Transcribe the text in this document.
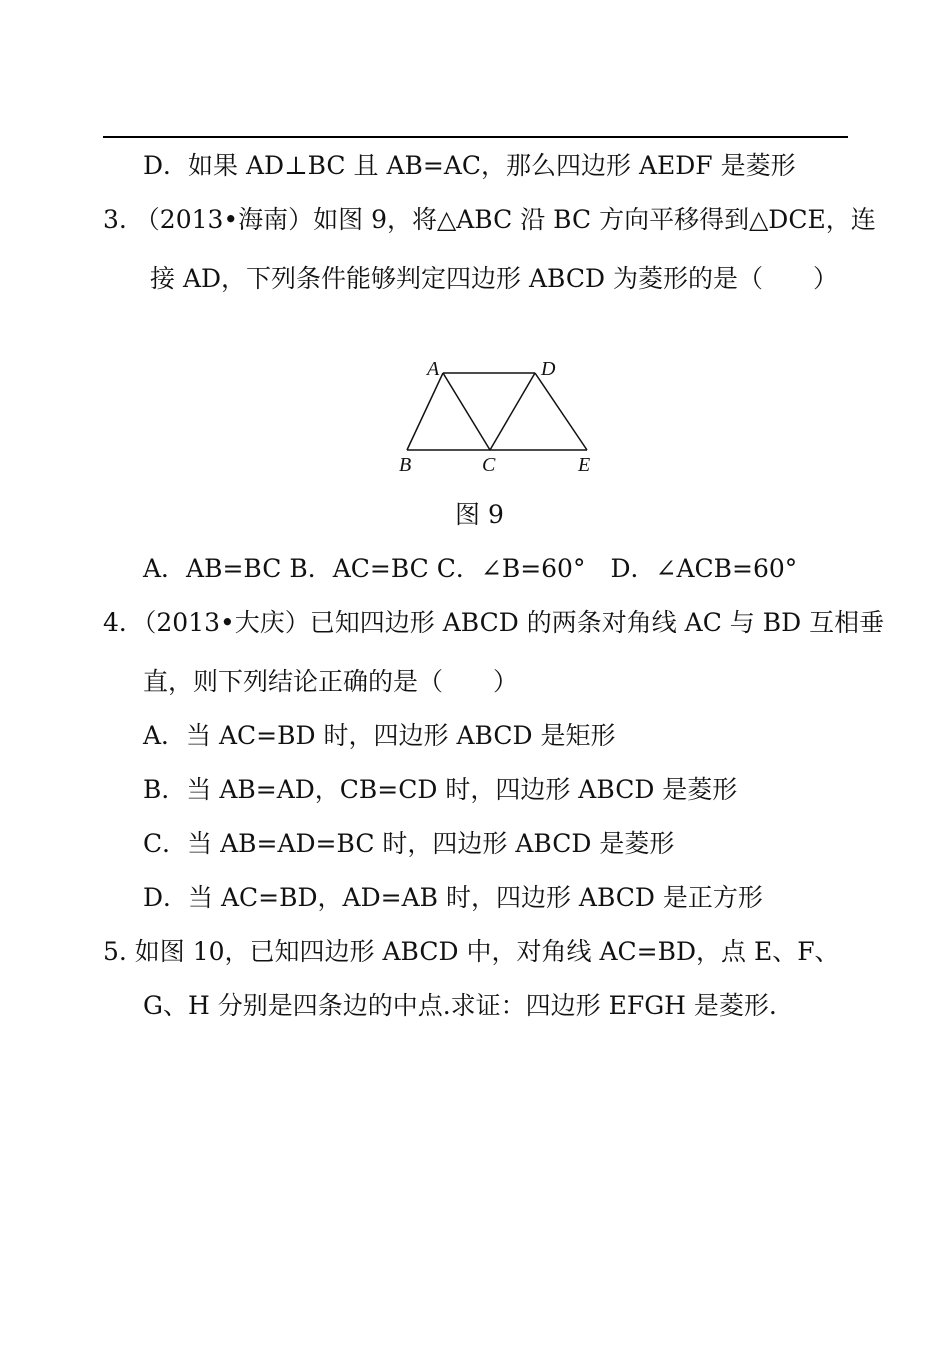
D．如果 AD⊥BC 且 AB=AC，那么四边形 AEDF 是菱形
3. （2013•海南）如图 9，将△ABC 沿 BC 方向平移得到△DCE，连
接 AD，下列条件能够判定四边形 ABCD 为菱形的是（　　）
A	D
B	C	E
图 9
A．AB=BC B．AC=BC C．∠B=60°　D．∠ACB=60°
4．（2013•大庆）已知四边形 ABCD 的两条对角线 AC 与 BD 互相垂
直，则下列结论正确的是（　　）
A．当 AC=BD 时，四边形 ABCD 是矩形
B．当 AB=AD，CB=CD 时，四边形 ABCD 是菱形
C．当 AB=AD=BC 时，四边形 ABCD 是菱形
D．当 AC=BD，AD=AB 时，四边形 ABCD 是正方形
5. 如图 10，已知四边形 ABCD 中，对角线 AC=BD，点 E、F、
G、H 分别是四条边的中点.求证：四边形 EFGH 是菱形.
